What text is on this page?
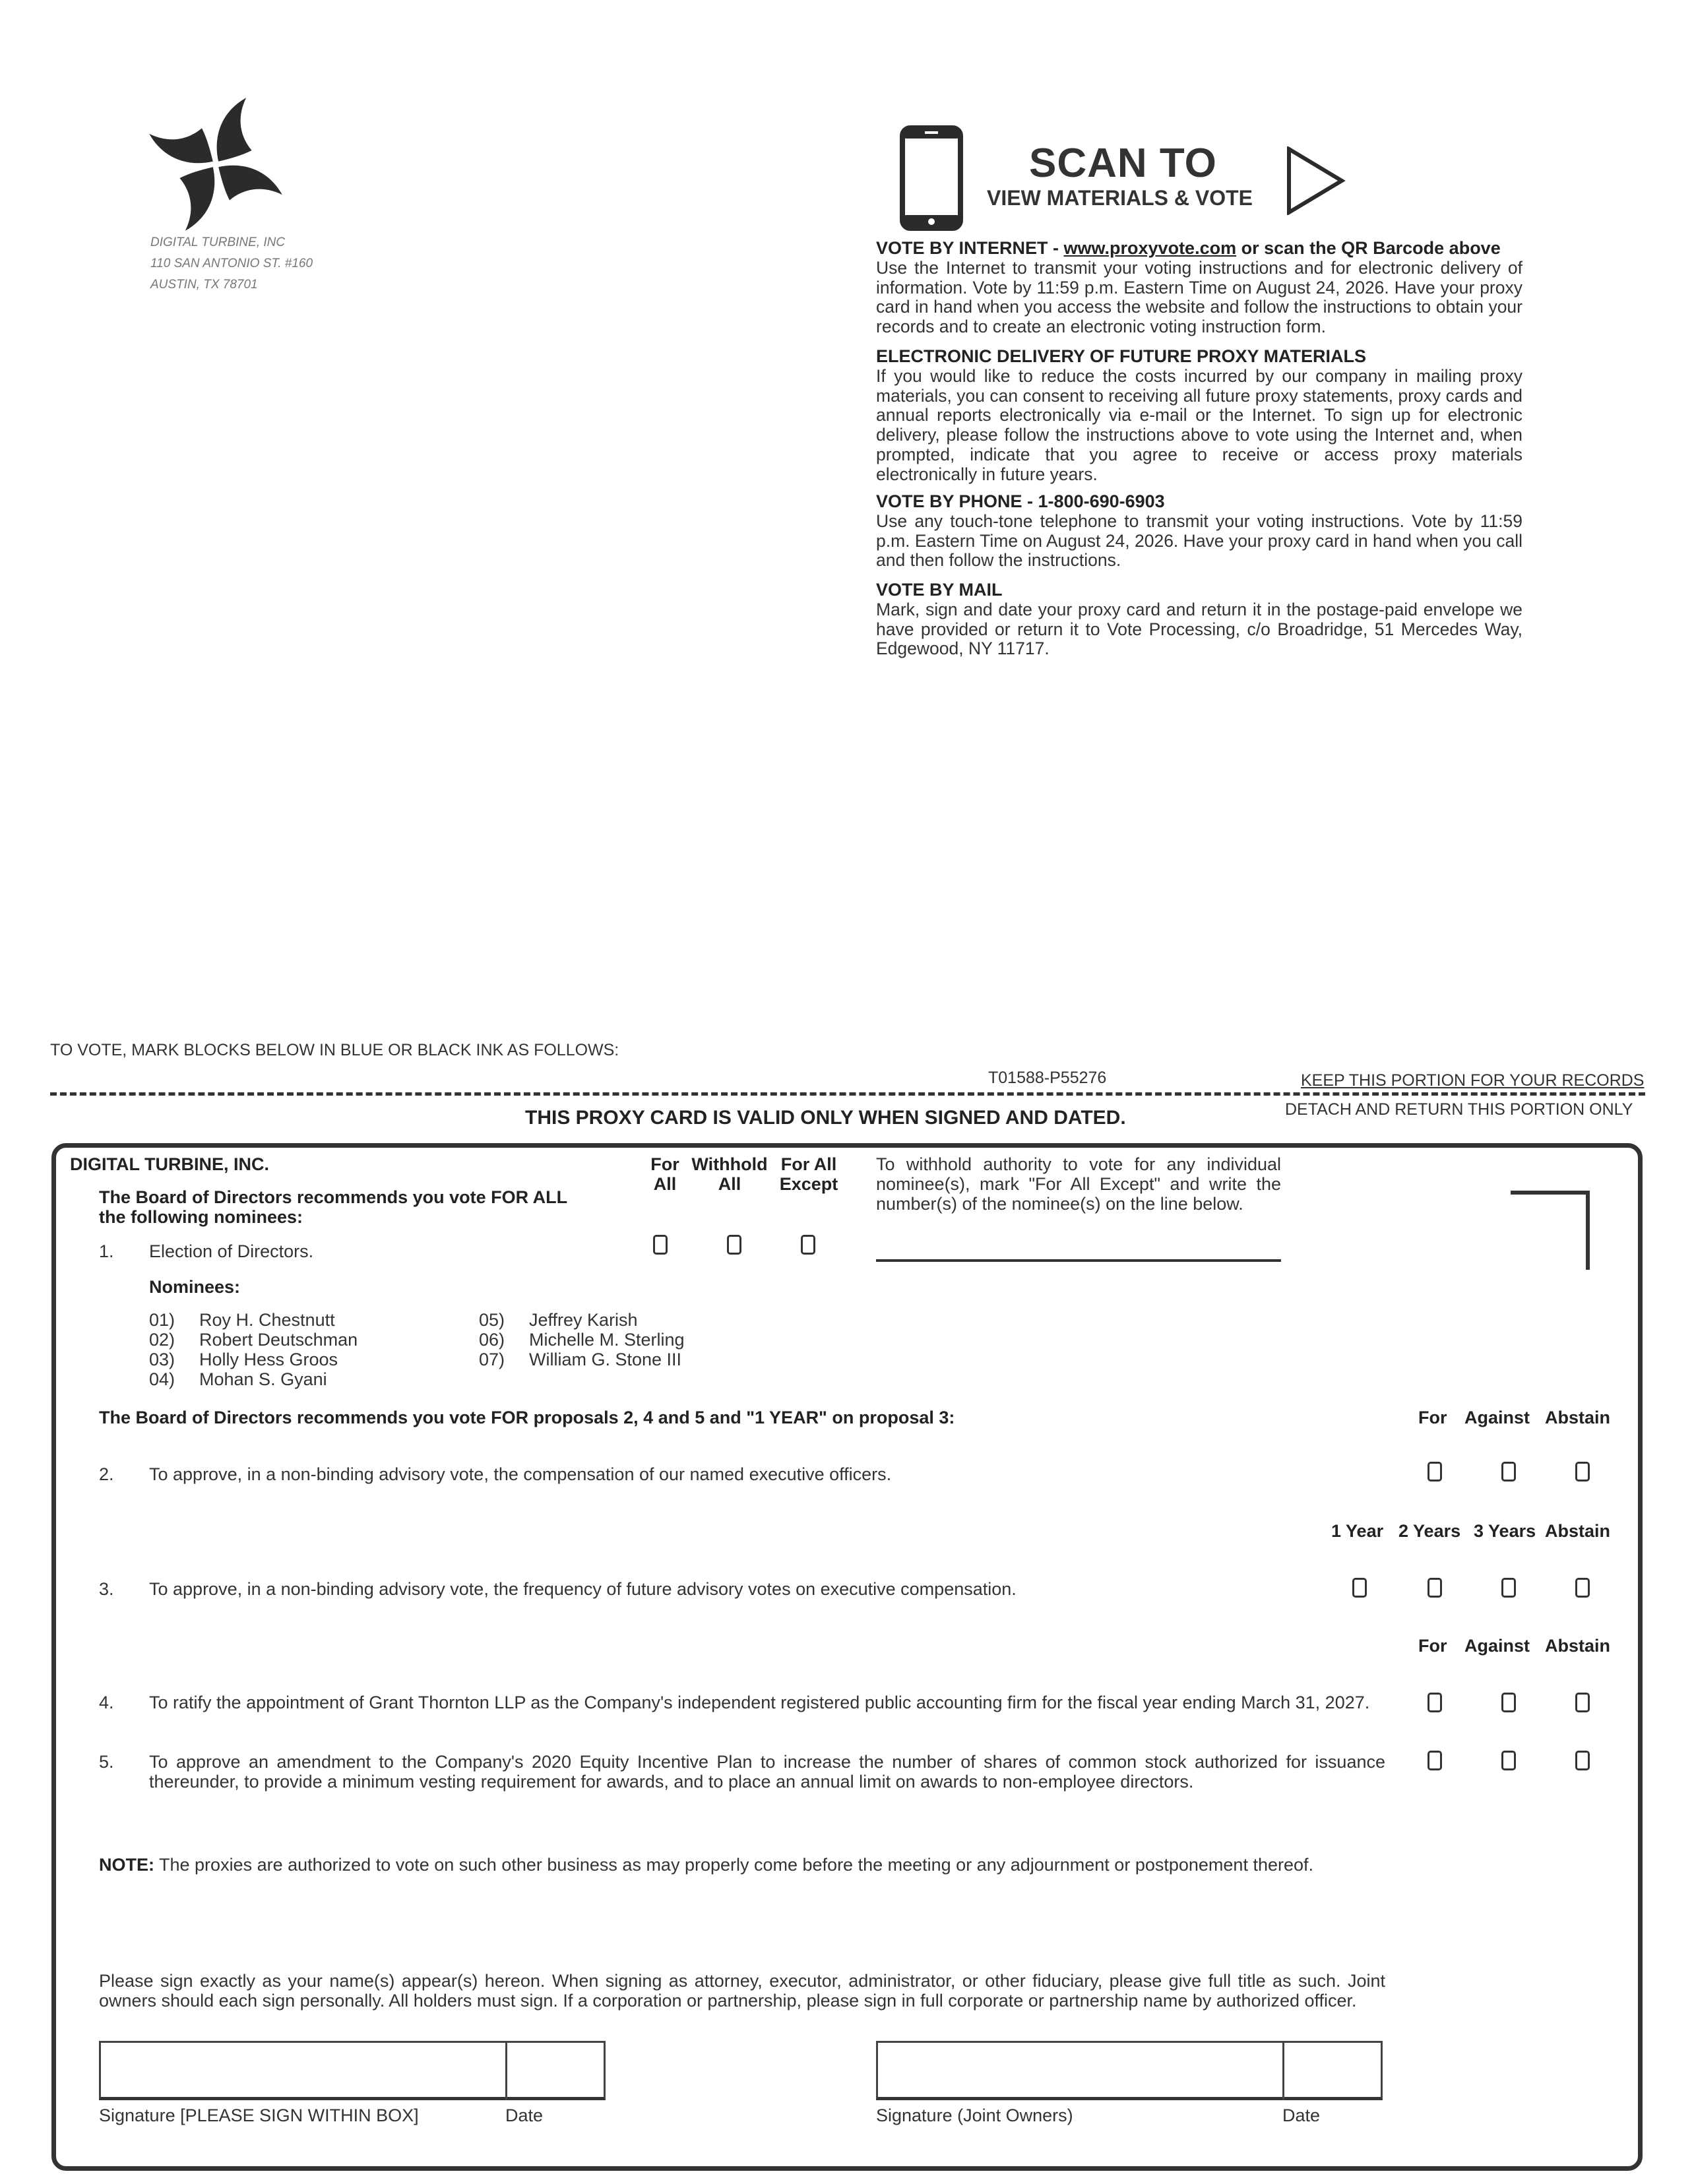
DIGITAL TURBINE, INC
110 SAN ANTONIO ST. #160
AUSTIN, TX 78701
SCAN TO
VIEW MATERIALS & VOTE
VOTE BY INTERNET - www.proxyvote.com or scan the QR Barcode above
Use the Internet to transmit your voting instructions and for electronic delivery of information. Vote by 11:59 p.m. Eastern Time on August 24, 2026. Have your proxy card in hand when you access the website and follow the instructions to obtain your records and to create an electronic voting instruction form.
ELECTRONIC DELIVERY OF FUTURE PROXY MATERIALS
If you would like to reduce the costs incurred by our company in mailing proxy materials, you can consent to receiving all future proxy statements, proxy cards and annual reports electronically via e-mail or the Internet. To sign up for electronic delivery, please follow the instructions above to vote using the Internet and, when prompted, indicate that you agree to receive or access proxy materials electronically in future years.
VOTE BY PHONE - 1-800-690-6903
Use any touch-tone telephone to transmit your voting instructions. Vote by 11:59 p.m. Eastern Time on August 24, 2026. Have your proxy card in hand when you call and then follow the instructions.
VOTE BY MAIL
Mark, sign and date your proxy card and return it in the postage-paid envelope we have provided or return it to Vote Processing, c/o Broadridge, 51 Mercedes Way, Edgewood, NY 11717.
TO VOTE, MARK BLOCKS BELOW IN BLUE OR BLACK INK AS FOLLOWS:
T01588-P55276	KEEP THIS PORTION FOR YOUR RECORDS
DETACH AND RETURN THIS PORTION ONLY
THIS PROXY CARD IS VALID ONLY WHEN SIGNED AND DATED.
DIGITAL TURBINE, INC.
The Board of Directors recommends you vote FOR ALL
the following nominees:
For
All
Withhold
All
For All
Except
To withhold authority to vote for any individual nominee(s), mark "For All Except" and write the number(s) of the nominee(s) on the line below.
1. Election of Directors.
Nominees:
01) Roy H. Chestnutt
02) Robert Deutschman
03) Holly Hess Groos
04) Mohan S. Gyani
05) Jeffrey Karish
06) Michelle M. Sterling
07) William G. Stone III
The Board of Directors recommends you vote FOR proposals 2, 4 and 5 and "1 YEAR" on proposal 3:	For Against Abstain
2. To approve, in a non-binding advisory vote, the compensation of our named executive officers.
1 Year 2 Years 3 Years Abstain
3. To approve, in a non-binding advisory vote, the frequency of future advisory votes on executive compensation.
For Against Abstain
4. To ratify the appointment of Grant Thornton LLP as the Company's independent registered public accounting firm for the fiscal year ending March 31, 2027.
5. To approve an amendment to the Company's 2020 Equity Incentive Plan to increase the number of shares of common stock authorized for issuance thereunder, to provide a minimum vesting requirement for awards, and to place an annual limit on awards to non-employee directors.
NOTE: The proxies are authorized to vote on such other business as may properly come before the meeting or any adjournment or postponement thereof.
Please sign exactly as your name(s) appear(s) hereon. When signing as attorney, executor, administrator, or other fiduciary, please give full title as such. Joint owners should each sign personally. All holders must sign. If a corporation or partnership, please sign in full corporate or partnership name by authorized officer.
Signature [PLEASE SIGN WITHIN BOX]	Date	Signature (Joint Owners)	Date
